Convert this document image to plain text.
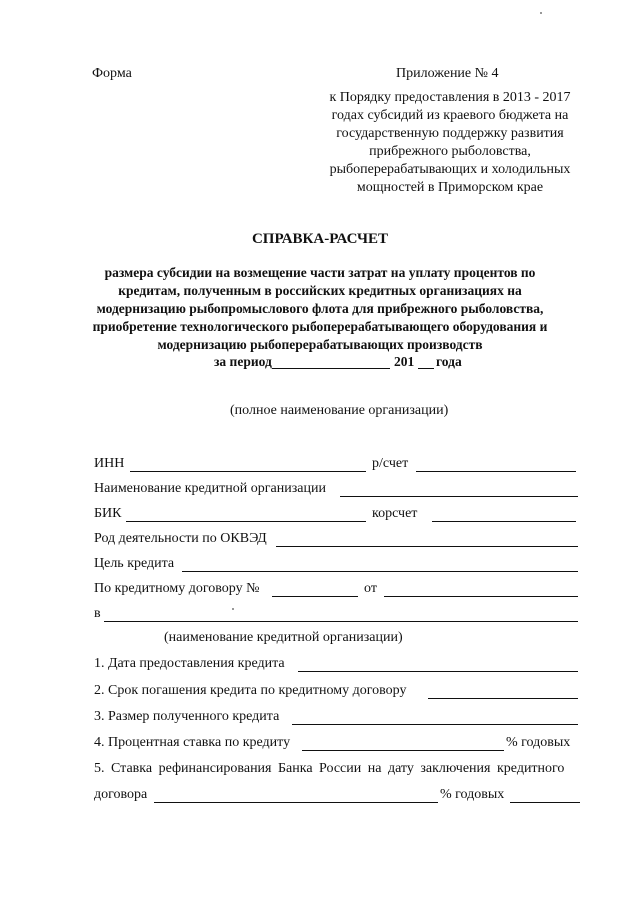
Форма	Приложение № 4
к Порядку предоставления в 2013 - 2017
годах субсидий из краевого бюджета на
государственную поддержку развития
прибрежного рыболовства,
рыбоперерабатывающих и холодильных
мощностей в Приморском крае
СПРАВКА-РАСЧЕТ
размера субсидии на возмещение части затрат на уплату процентов по
кредитам, полученным в российских кредитных организациях на
модернизацию рыбопромыслового флота для прибрежного рыболовства,
приобретение технологического рыбоперерабатывающего оборудования и
модернизацию рыбоперерабатывающих производств
за период	201 года
(полное наименование организации)
ИНН	р/счет
Наименование кредитной организации
БИК	корсчет
Род деятельности по ОКВЭД
Цель кредита
По кредитному договору №	от
в
(наименование кредитной организации)
1. Дата предоставления кредита
2. Срок погашения кредита по кредитному договору
3. Размер полученного кредита
4. Процентная ставка по кредиту	% годовых
5. Ставка рефинансирования Банка России на дату заключения кредитного
договора	% годовых
